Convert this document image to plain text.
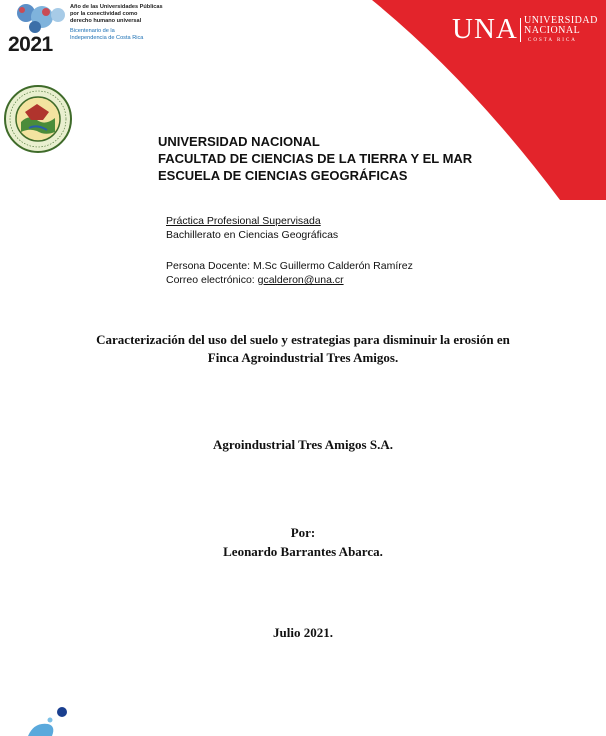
2021
Año de las Universidades Públicas
por la conectividad como
derecho humano universal
Bicentenario de la
Independencia de Costa Rica	UNA UNIVERSIDAD
NACIONAL
COSTA RICA
UNIVERSIDAD NACIONAL
FACULTAD DE CIENCIAS DE LA TIERRA Y EL MAR
ESCUELA DE CIENCIAS GEOGRÁFICAS
Práctica Profesional Supervisada
Bachillerato en Ciencias Geográficas
Persona Docente: M.Sc Guillermo Calderón Ramírez
Correo electrónico: gcalderon@una.cr
Caracterización del uso del suelo y estrategias para disminuir la erosión en
Finca Agroindustrial Tres Amigos.
Agroindustrial Tres Amigos S.A.
Por:
Leonardo Barrantes Abarca.
Julio 2021.
